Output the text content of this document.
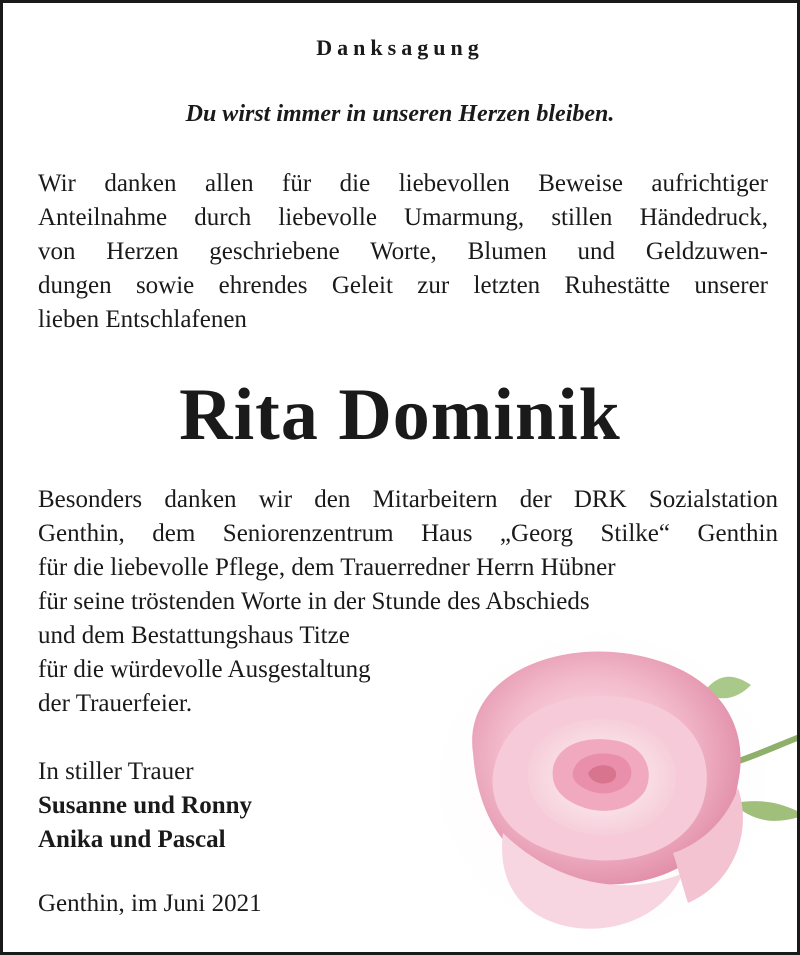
Danksagung
Du wirst immer in unseren Herzen bleiben.
Wir danken allen für die liebevollen Beweise aufrichtiger
Anteilnahme durch liebevolle Umarmung, stillen Händedruck,
von Herzen geschriebene Worte, Blumen und Geldzuwen-
dungen sowie ehrendes Geleit zur letzten Ruhestätte unserer
lieben Entschlafenen
Rita Dominik
Besonders danken wir den Mitarbeitern der DRK Sozialstation
Genthin, dem Seniorenzentrum Haus „Georg Stilke“ Genthin
für die liebevolle Pflege, dem Trauerredner Herrn Hübner
für seine tröstenden Worte in der Stunde des Abschieds
und dem Bestattungshaus Titze
für die würdevolle Ausgestaltung
der Trauerfeier.
In stiller Trauer
Susanne und Ronny
Anika und Pascal
Genthin, im Juni 2021
